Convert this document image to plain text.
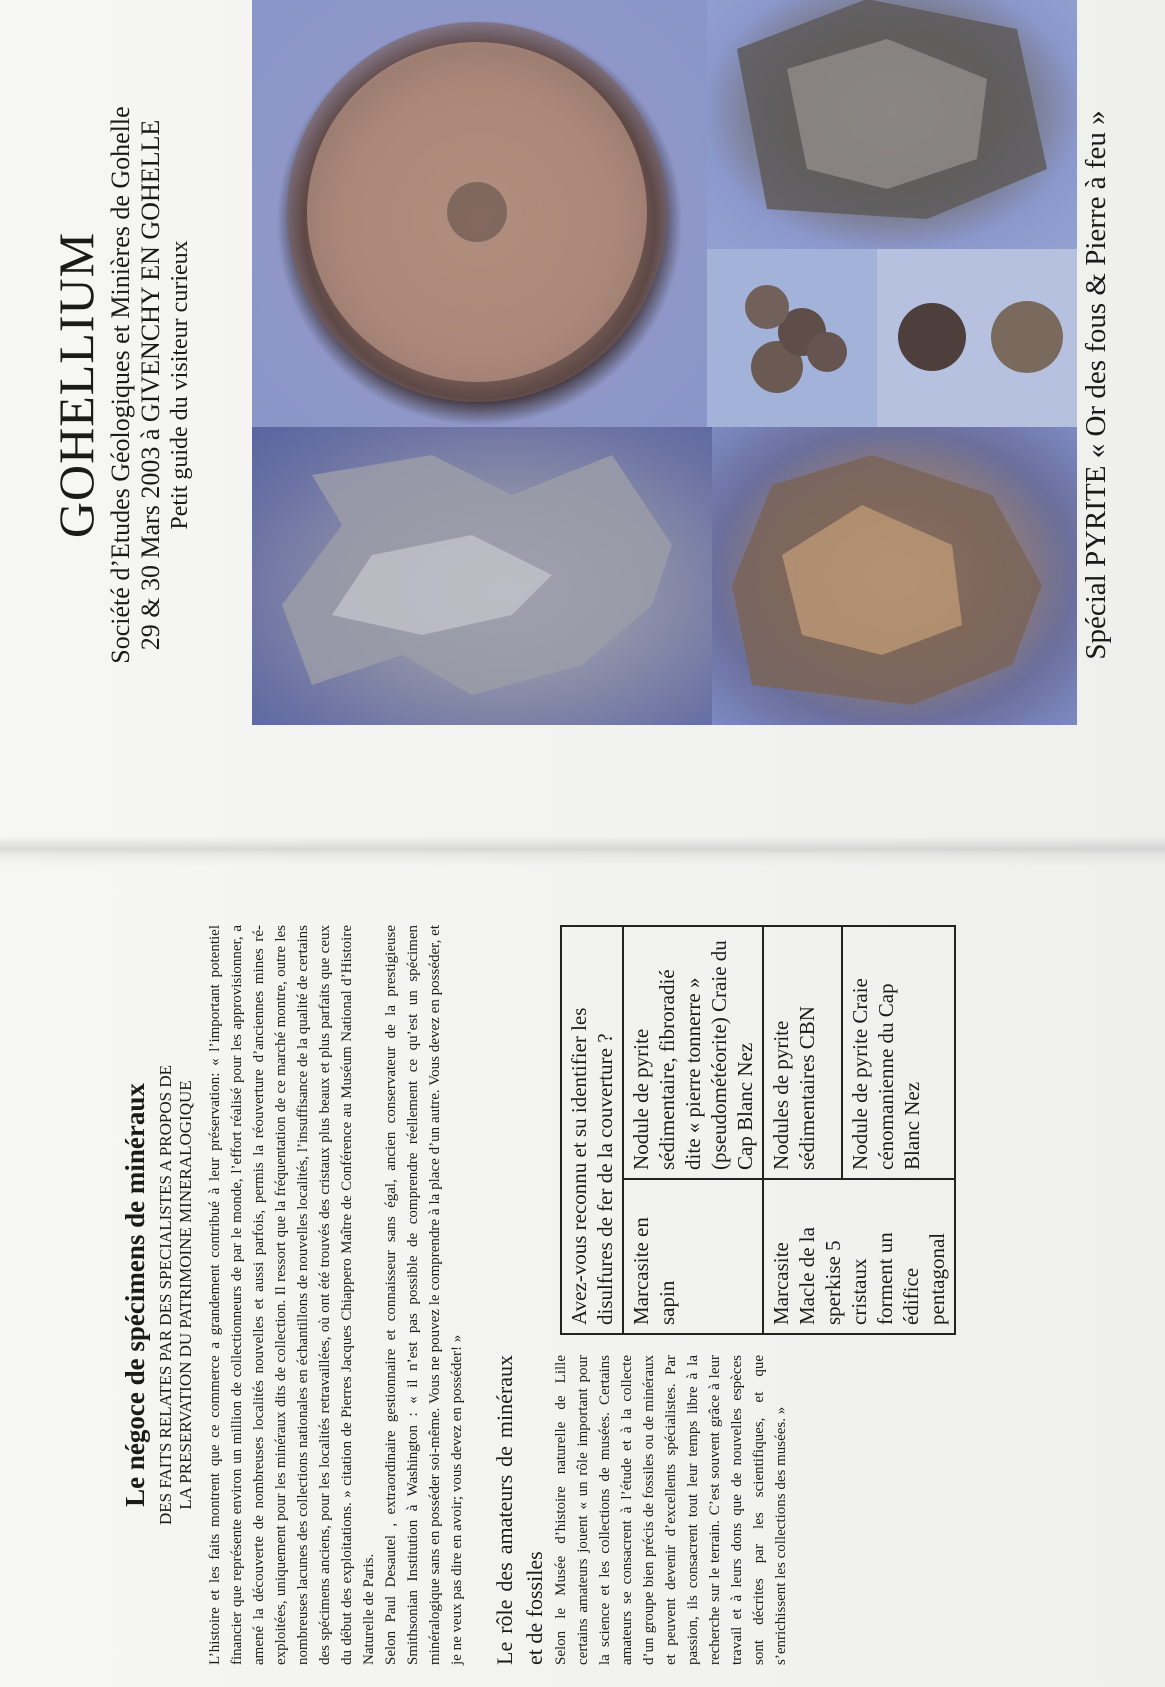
GOHELLIUM Société d’Etudes Géologiques et Minières de Gohelle 29 & 30 Mars 2003 à GIVENCHY EN GOHELLE Petit guide du visiteur curieux	Spécial PYRITE « Or des fous & Pierre à feu »

Le négoce de spécimens de minéraux DES FAITS RELATES PAR DES SPECIALISTES A PROPOS DE
LA PRESERVATION DU PATRIMOINE MINERALOGIQUE L’histoire et les faits montrent que ce commerce a grandement contribué à leur préservation: « l’important potentiel financier que représente environ un million de collectionneurs de par le monde, l’effort réalisé pour les approvisionner, a amené la découverte de nombreuses localités nouvelles et aussi parfois, permis la réouverture d’anciennes mines ré-exploitées, uniquement pour les minéraux dits de collection. Il ressort que la fréquentation de ce marché montre, outre les nombreuses lacunes des collections nationales en échantillons de nouvelles localités, l’insuffisance de la qualité de certains des spécimens anciens, pour les localités retravaillées, où ont été trouvés des cristaux plus beaux et plus parfaits que ceux du début des exploitations. » citation de Pierres Jacques Chiappero Maître de Conférence au Muséum National d’Histoire Naturelle de Paris. Selon Paul Desautel , extraordinaire gestionnaire et connaisseur sans égal, ancien conservateur de la prestigieuse Smithsonian Institution à Washington : « il n’est pas possible de comprendre réellement ce qu’est un spécimen minéralogique sans en posséder soi-même. Vous ne pouvez le comprendre à la place d’un autre. Vous devez en posséder, et je ne veux pas dire en avoir; vous devez en posséder! » Le rôle des amateurs de minéraux et de fossiles Selon le Musée d’histoire naturelle de Lille certains amateurs jouent « un rôle important pour la science et les collections de musées. Certains amateurs se consacrent à l’étude et à la collecte d’un groupe bien précis de fossiles ou de minéraux et peuvent devenir d’excellents spécialistes. Par passion, ils consacrent tout leur temps libre à la recherche sur le terrain. C’est souvent grâce à leur travail et à leurs dons que de nouvelles espèces sont décrites par les scientifiques, et que s’enrichissent les collections des musées. »

Avez-vous reconnu et su identifier les disulfures de fer de la couverture ?	
Marcasite en sapin	Nodule de pyrite sédimentaire, fibroradié dite « pierre tonnerre » (pseudométéorite) Craie du Cap Blanc Nez
Marcasite Macle de la sperkise 5 cristaux forment un édifice pentagonal	Nodules de pyrite sédimentaires CBN
	Nodule de pyrite Craie cénomanienne du Cap Blanc Nez
